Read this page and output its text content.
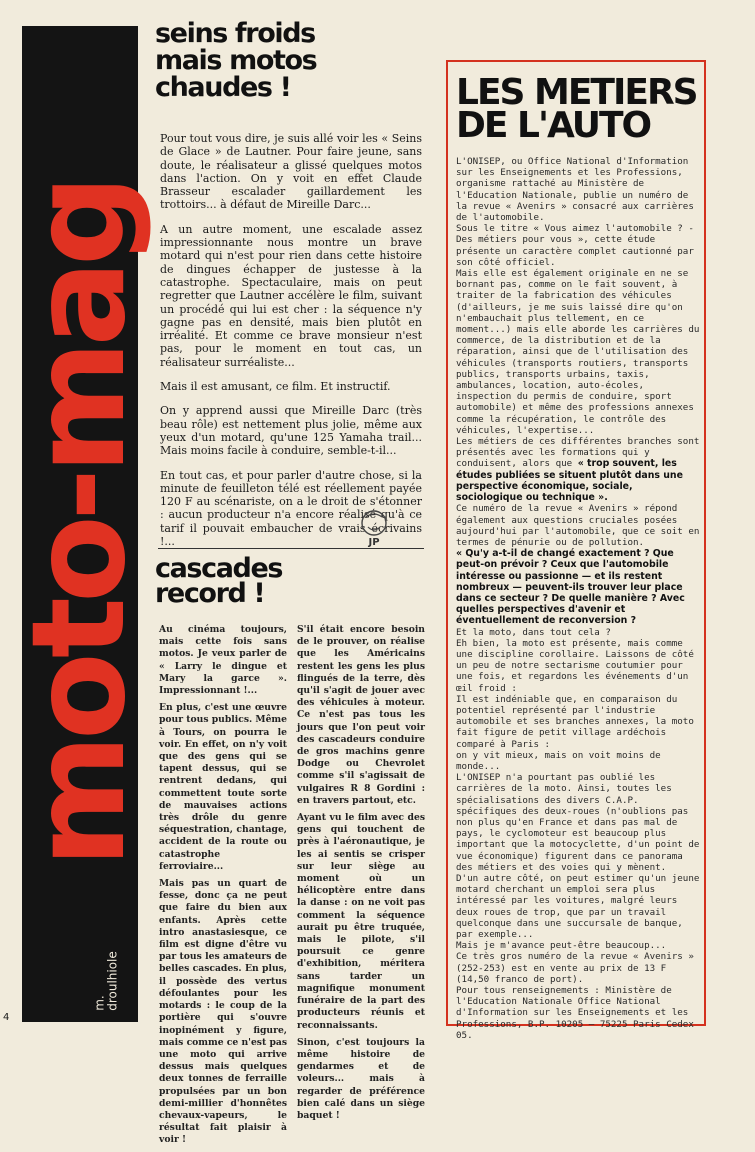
moto-mag
m.
droulhiole
4
seins froids
mais motos
chaudes !

Pour tout vous dire, je suis allé voir les « Seins de Glace » de Lautner. Pour faire jeune, sans doute, le réalisateur a glissé quelques motos dans l'action. On y voit en effet Claude Brasseur escalader gaillardement les trottoirs... à défaut de Mireille Darc...

A un autre moment, une escalade assez impressionnante nous montre un brave motard qui n'est pour rien dans cette histoire de dingues échapper de justesse à la catastrophe. Spectaculaire, mais on peut regretter que Lautner accélère le film, suivant un procédé qui lui est cher : la séquence n'y gagne pas en densité, mais bien plutôt en irréalité. Et comme ce brave monsieur n'est pas, pour le moment en tout cas, un réalisateur surréaliste...

Mais il est amusant, ce film. Et instructif.

On y apprend aussi que Mireille Darc (très beau rôle) est nettement plus jolie, même aux yeux d'un motard, qu'une 125 Yamaha trail... Mais moins facile à conduire, semble-t-il...

En tout cas, et pour parler d'autre chose, si la minute de feuilleton télé est réellement payée 120 F au scénariste, on a le droit de s'étonner : aucun producteur n'a encore réalisé qu'à ce tarif il pouvait embaucher de vrais écrivains !...	JP
cascades
record !

Au cinéma toujours, mais cette fois sans motos. Je veux parler de « Larry le dingue et Mary la garce ». Impressionnant !...

En plus, c'est une œuvre pour tous publics. Même à Tours, on pourra le voir. En effet, on n'y voit que des gens qui se tapent dessus, qui se rentrent dedans, qui commettent toute sorte de mauvaises actions très drôle du genre séquestration, chantage, accident de la route ou catastrophe ferroviaire...

Mais pas un quart de fesse, donc ça ne peut que faire du bien aux enfants. Après cette intro anastasiesque, ce film est digne d'être vu par tous les amateurs de belles cascades. En plus, il possède des vertus défoulantes pour les motards : le coup de la portière qui s'ouvre inopinément y figure, mais comme ce n'est pas une moto qui arrive dessus mais quelques deux tonnes de ferraille propulsées par un bon demi-millier d'honnêtes chevaux-vapeurs, le résultat fait plaisir à voir !

S'il était encore besoin de le prouver, on réalise que les Américains restent les gens les plus flingués de la terre, dès qu'il s'agit de jouer avec des véhicules à moteur. Ce n'est pas tous les jours que l'on peut voir des cascadeurs conduire de gros machins genre Dodge ou Chevrolet comme s'il s'agissait de vulgaires R 8 Gordini : en travers partout, etc.

Ayant vu le film avec des gens qui touchent de près à l'aéronautique, je les ai sentis se crisper sur leur siège au moment où un hélicoptère entre dans la danse : on ne voit pas comment la séquence aurait pu être truquée, mais le pilote, s'il poursuit ce genre d'exhibition, méritera sans tarder un magnifique monument funéraire de la part des producteurs réunis et reconnaissants.

Sinon, c'est toujours la même histoire de gendarmes et de voleurs... mais à regarder de préférence bien calé dans un siège baquet !

LES METIERS
DE L'AUTO

L'ONISEP, ou Office National d'Information sur les Enseignements et les Professions, organisme rattaché au Ministère de l'Education Nationale, publie un numéro de la revue « Avenirs » consacré aux carrières de l'automobile.

Sous le titre « Vous aimez l'automobile ? - Des métiers pour vous », cette étude présente un caractère complet cautionné par son côté officiel.

Mais elle est également originale en ne se bornant pas, comme on le fait souvent, à traiter de la fabrication des véhicules (d'ailleurs, je me suis laissé dire qu'on n'embauchait plus tellement, en ce moment...) mais elle aborde les carrières du commerce, de la distribution et de la réparation, ainsi que de l'utilisation des véhicules (transports routiers, transports publics, transports urbains, taxis, ambulances, location, auto-écoles, inspection du permis de conduire, sport automobile) et même des professions annexes comme la récupération, le contrôle des véhicules, l'expertise...

Les métiers de ces différentes branches sont présentés avec les formations qui y conduisent, alors que « trop souvent, les études publiées se situent plutôt dans une perspective économique, sociale, sociologique ou technique ».

Ce numéro de la revue « Avenirs » répond également aux questions cruciales posées aujourd'hui par l'automobile, que ce soit en termes de pénurie ou de pollution.

« Qu'y a-t-il de changé exactement ? Que peut-on prévoir ? Ceux que l'automobile intéresse ou passionne — et ils restent nombreux — peuvent-ils trouver leur place dans ce secteur ? De quelle manière ? Avec quelles perspectives d'avenir et éventuellement de reconversion ?

Et la moto, dans tout cela ?

Eh bien, la moto est présente, mais comme une discipline corollaire. Laissons de côté un peu de notre sectarisme coutumier pour une fois, et regardons les événements d'un œil froid :

Il est indéniable que, en comparaison du potentiel représenté par l'industrie automobile et ses branches annexes, la moto fait figure de petit village ardéchois comparé à Paris :

on y vit mieux, mais on voit moins de monde...

L'ONISEP n'a pourtant pas oublié les carrières de la moto. Ainsi, toutes les spécialisations des divers C.A.P. spécifiques des deux-roues (n'oublions pas non plus qu'en France et dans pas mal de pays, le cyclomoteur est beaucoup plus important que la motocyclette, d'un point de vue économique) figurent dans ce panorama des métiers et des voies qui y mènent.

D'un autre côté, on peut estimer qu'un jeune motard cherchant un emploi sera plus intéressé par les voitures, malgré leurs deux roues de trop, que par un travail quelconque dans une succursale de banque, par exemple...

Mais je m'avance peut-être beaucoup...

Ce très gros numéro de la revue « Avenirs » (252-253) est en vente au prix de 13 F (14,50 franco de port).

Pour tous renseignements : Ministère de l'Education Nationale Office National d'Information sur les Enseignements et les Professions, B.P. 10205 — 75225 Paris Cedex 05.
